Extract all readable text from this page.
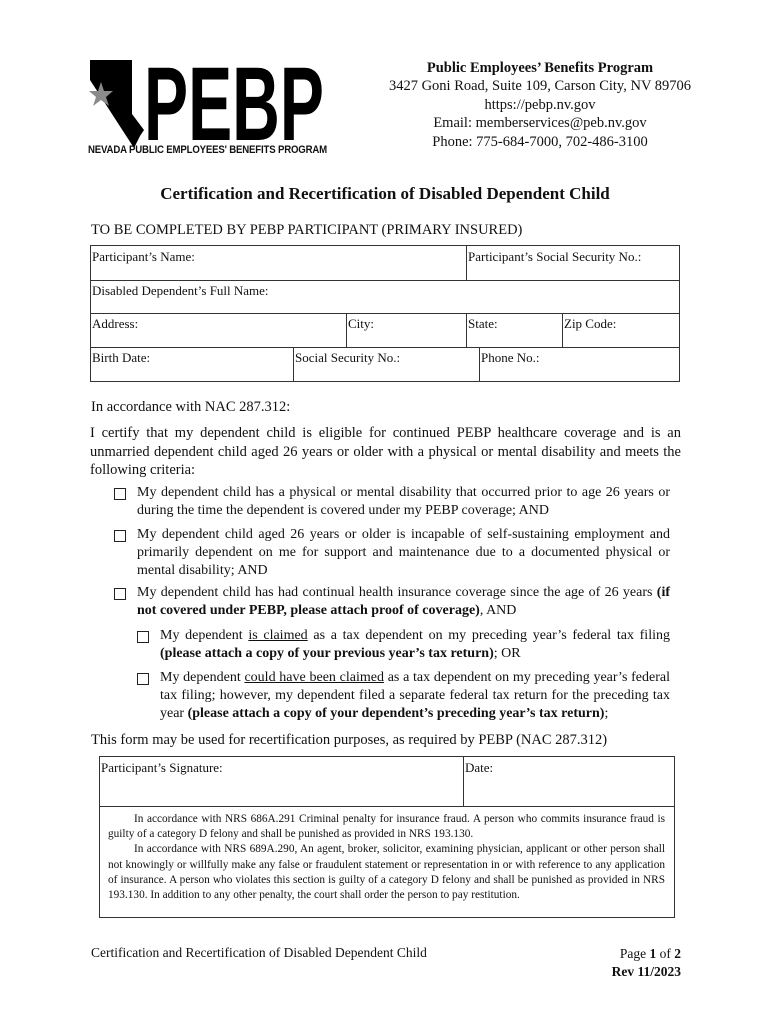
PEBP
NEVADA PUBLIC EMPLOYEES' BENEFITS PROGRAM
Public Employees’ Benefits Program
3427 Goni Road, Suite 109, Carson City, NV 89706
https://pebp.nv.gov
Email: memberservices@peb.nv.gov
Phone: 775-684-7000, 702-486-3100
Certification and Recertification of Disabled Dependent Child
TO BE COMPLETED BY PEBP PARTICIPANT (PRIMARY INSURED)
Participant’s Name:	Participant’s Social Security No.:
Disabled Dependent’s Full Name:
Address:	City:	State:	Zip Code:
Birth Date:	Social Security No.:	Phone No.:
In accordance with NAC 287.312:
I certify that my dependent child is eligible for continued PEBP healthcare coverage and is an unmarried dependent child aged 26 years or older with a physical or mental disability and meets the following criteria:
My dependent child has a physical or mental disability that occurred prior to age 26 years or during the time the dependent is covered under my PEBP coverage; AND
My dependent child aged 26 years or older is incapable of self-sustaining employment and primarily dependent on me for support and maintenance due to a documented physical or mental disability; AND
My dependent child has had continual health insurance coverage since the age of 26 years (if not covered under PEBP, please attach proof of coverage), AND
My dependent is claimed as a tax dependent on my preceding year’s federal tax filing (please attach a copy of your previous year’s tax return); OR
My dependent could have been claimed as a tax dependent on my preceding year’s federal tax filing; however, my dependent filed a separate federal tax return for the preceding tax year (please attach a copy of your dependent’s preceding year’s tax return);
This form may be used for recertification purposes, as required by PEBP (NAC 287.312)
Participant’s Signature:	Date:

In accordance with NRS 686A.291 Criminal penalty for insurance fraud. A person who commits insurance fraud is guilty of a category D felony and shall be punished as provided in NRS 193.130.

In accordance with NRS 689A.290, An agent, broker, solicitor, examining physician, applicant or other person shall not knowingly or willfully make any false or fraudulent statement or representation in or with reference to any application of insurance. A person who violates this section is guilty of a category D felony and shall be punished as provided in NRS 193.130. In addition to any other penalty, the court shall order the person to pay restitution.

Certification and Recertification of Disabled Dependent Child	Page 1 of 2
Rev 11/2023
